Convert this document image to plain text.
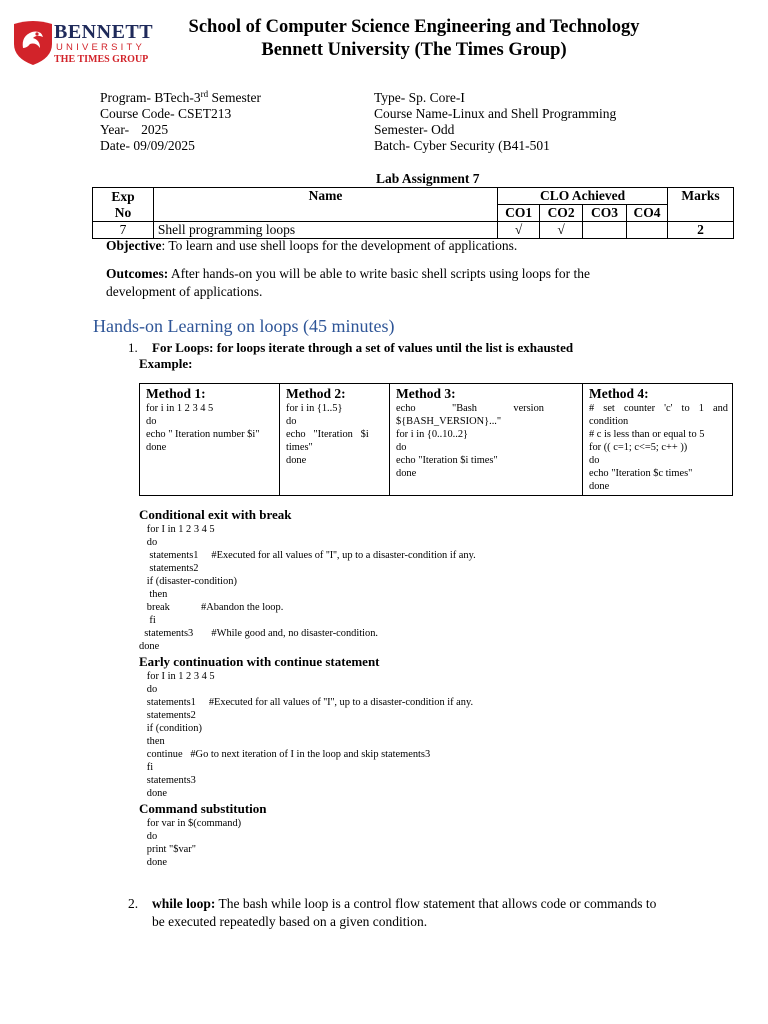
BENNETT
UNIVERSITY
THE TIMES GROUP
School of Computer Science Engineering and Technology
Bennett University (The Times Group)
Program- BTech-3rd Semester
Course Code- CSET213
Year- 2025
Date- 09/09/2025
Type- Sp. Core-I
Course Name-Linux and Shell Programming
Semester- Odd
Batch- Cyber Security (B41-501
Lab Assignment 7
Exp
No	Name	CLO Achieved				Marks
		CO1	CO2	CO3	CO4	
7	Shell programming loops	√	√			2
Objective: To learn and use shell loops for the development of applications.
Outcomes: After hands-on you will be able to write basic shell scripts using loops for the
development of applications.
Hands-on Learning on loops (45 minutes)
1. For Loops: for loops iterate through a set of values until the list is exhausted
Example:
Method 1:
for i in 1 2 3 4 5
do
echo " Iteration number $i"
done

Method 2:
for i in {1..5}
do
echo   "Iteration   $i
times"
done

Method 3:
echo              "Bash              version
${BASH_VERSION}..."
for i in {0..10..2}
do
echo "Iteration $i times"
done

Method 4:
# set counter 'c' to 1 and
condition
# c is less than or equal to 5
for (( c=1; c<=5; c++ ))
do
echo "Iteration $c times"
done
Conditional exit with break
for I in 1 2 3 4 5
do
statements1     #Executed for all values of ''I'', up to a disaster-condition if any.
statements2
if (disaster-condition)
then
break            #Abandon the loop.
fi
statements3       #While good and, no disaster-condition.
done
Early continuation with continue statement
for I in 1 2 3 4 5
do
statements1     #Executed for all values of ''I'', up to a disaster-condition if any.
statements2
if (condition)
then
continue   #Go to next iteration of I in the loop and skip statements3
fi
statements3
done
Command substitution
for var in $(command)
do
print "$var"
done
2. while loop: The bash while loop is a control flow statement that allows code or commands to
be executed repeatedly based on a given condition.
